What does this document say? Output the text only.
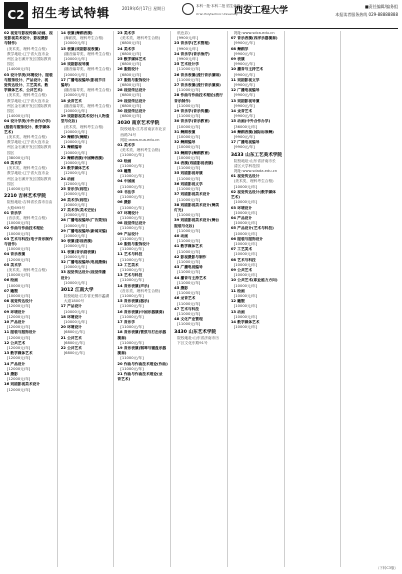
C2 招生考试特辑	2019年6月17日 星期日	本科一批·本科二批 招生代码：3010
西安工程大学
Xi'an Polytechnic University
■责任编辑/编务组
本报读者服务热线 029-88888888
02 视觉与影视传媒(动画、视
觉影视美术设计、影视摄影
与制作)
(美术类，理科考生合格)
教学地址:辽宁省大连市金
州区金石滩开发区国际教育
园区
[14000元/年]
03 设计学类(环境设计、服装
与服饰设计、产品设计、视
觉传达设计、工艺美术、数
字媒体艺术、公共艺术)
(美术类，理科考生合格)
教学地址:辽宁省大连市金
州区金石滩开发区国际教育
园区
[14000元/年]
04 设计学类(中外合作办学)
(服装与服饰设计、数字媒体
艺术)
(美术类，理科考生合格)
教学地址:辽宁省大连市金
州区金石滩开发区国际教育
园区
[38000元/年]
05 美术学
(美术类，理科考生合格)
教学地址:辽宁省大连市金
州区金石滩开发区国际教育
园区
[14000元/年]
2210 吉林艺术学院
院校地址:吉林省长春市自由
大路695号
01 音乐学
(音乐类，理科考生合格)
[10000元/年]
02 作曲与作曲技术理论
[10000元/年]
03 艺术与科技(电子音乐制作
与创作)
[10000元/年]
04 音乐表演
[12000元/年]
05 美术学
(美术类，理科考生合格)
[10000元/年]
06 绘画
[10000元/年]
07 雕塑
[10000元/年]
08 视觉传达设计
[12000元/年]
09 环境设计
[12000元/年]
10 产品设计
[12000元/年]
11 服装与服饰设计
[12000元/年]
12 公共艺术
[12000元/年]
13 数字媒体艺术
[12000元/年]
14 产品设计
[12000元/年]
15 摄影
[12000元/年]
16 戏剧影视美术设计
[12000元/年]
14 表演(舞蹈表演)
(舞蹈类，理科考生合格)
[10000元/年]
15 表演(戏剧影视表演)
(播音编导类，理科考生合格)
[10000元/年]
16 戏剧影视导演
(播音编导类，理科考生合格)
[10000元/年]
17 广播电视编导(影视节目
编导)
(播音编导类，理科考生合格)
[10000元/年]
18 录音艺术
(播音编导类，理科考生合格)
[10000元/年]
19 戏剧影视美术设计(人物造
型与化妆)
(美术类，理科考生合格)
[10000元/年]
20 舞蹈学(舞蹈)
[10000元/年]
21 舞蹈编导
[10000元/年]
22 舞蹈表演(中国舞表演)
[10000元/年]
23 数字媒体艺术
[12000元/年]
24 动画
[12000元/年]
25 音乐学(师范)
[10000元/年]
26 美术学(师范)
[10000元/年]
27 美术学(美术史论)
[10000元/年]
28 广播电视编导(广告策划)
[10000元/年]
29 广播电视编导(新闻采编)
[10000元/年]
30 表演(影视表演)
[10000元/年]
31 表演(音乐剧表演)
[10000元/年]
32 广播电视编导(电视摄像)
[10000元/年]
33 视觉传达设计(视觉传播
设计)
[10000元/年]
3012 江南大学
院校地址:江苏省无锡市蠡湖
大道1800号
17 产品设计
[10000元/年]
18 环境设计
[10000元/年]
20 环境设计
[6800元/年]
21 公共艺术
[6800元/年]
22 公共艺术
[6800元/年]
23 美术学
(美术类，理科考生合格)
[6800元/年]
24 美术学
[6800元/年]
25 数字媒体艺术
[6800元/年]
26 服装设计
[6800元/年]
27 服装与服饰设计
[6800元/年]
28 视觉传达设计
[6800元/年]
29 视觉传达设计
[6800元/年]
30 视觉传达设计
[6800元/年]
3030 南京艺术学院
院校地址:江苏省南京市北京
西路74号
网址:www.nua.edu.cn
01 美术学
(美术类，理科考生合格)
[11000元/年]
02 绘画
[11000元/年]
03 雕塑
[11000元/年]
04 中国画
[11000元/年]
05 书法学
[11000元/年]
06 摄影
[11000元/年]
07 环境设计
[11000元/年]
08 视觉传达设计
[11000元/年]
09 产品设计
[11000元/年]
10 服装与服饰设计
[11000元/年]
11 艺术与科技
[11000元/年]
12 工艺美术
[11000元/年]
13 艺术与科技
[11000元/年]
14 音乐表演(声乐)
(音乐类，理科考生合格)
[11000元/年]
15 音乐表演(器乐)
[11000元/年]
16 音乐表演(中国乐器演奏)
[11000元/年]
17 音乐学
[11000元/年]
18 音乐表演(管弦与打击乐器
演奏)
[11000元/年]
19 音乐表演(钢琴与键盘乐器
演奏)
[11000元/年]
20 作曲与作曲技术理论(作曲)
[11000元/年]
21 作曲与作曲技术理论(录
音艺术)
机色彩)
[9900元/年]
23 音乐学(艺术管理)
[9900元/年]
24 音乐学(音乐治疗)
[9900元/年]
25 艺术设计学
[11000元/年]
26 音乐表演(流行音乐演唱)
[11000元/年]
27 音乐表演(流行音乐演奏)
[11000元/年]
28 作曲与作曲技术理论(流行
音乐制作)
[11000元/年]
29 音乐学(音乐传播)
[11000元/年]
30 音乐学(音乐教育)
[10000元/年]
31 舞蹈表演
[10000元/年]
32 舞蹈编导
[10000元/年]
33 舞蹈学(舞蹈教育)
[10000元/年]
34 表演(戏剧影视表演)
[11000元/年]
35 戏剧影视导演
[11000元/年]
36 戏剧影视文学
[11000元/年]
37 戏剧影视美术设计
[11000元/年]
38 戏剧影视美术设计(舞美
灯光)
[11000元/年]
39 戏剧影视美术设计(舞台
服装与化妆)
[11000元/年]
40 动画
[11000元/年]
41 数字媒体艺术
[11000元/年]
42 影视摄影与制作
[11000元/年]
43 广播电视编导
[11000元/年]
44 播音与主持艺术
[11000元/年]
45 摄影
[11000元/年]
46 录音艺术
[11000元/年]
47 艺术与科技
[11000元/年]
48 文化产业管理
[11000元/年]
3430 山东艺术学院
院校地址:山东省济南市历
下区文化东路91号
网址:www.sdca.edu.cn
07 音乐表演(西洋乐器演奏)
[9900元/年]
08 舞蹈学
[9900元/年]
09 表演
[9900元/年]
10 播音与主持艺术
[9900元/年]
11 戏剧影视文学
[9900元/年]
12 广播电视编导
[9900元/年]
13 戏剧影视导演
[9900元/年]
14 录音艺术
[9900元/年]
15 动画(中外合作办学)
[36000元/年]
16 舞蹈表演(国际标准舞)
[9900元/年]
17 广播电视编导
[9900元/年]
3433 山东工艺美术学院
院校地址:山东省济南市长
清区大学科技园
网址:www.sdada.edu.cn
01 视觉传达设计
(美术类，理科考生合格)
[10000元/年]
02 视觉传达设计(数字媒体
艺术)
[10000元/年]
03 环境设计
[10000元/年]
04 产品设计
[10000元/年]
05 产品设计(艺术与科技)
[10000元/年]
06 服装与服饰设计
[10000元/年]
07 工艺美术
[10000元/年]
08 艺术与科技
[10000元/年]
09 公共艺术
[10000元/年]
10 公共艺术(职业能力方向)
[10000元/年]
11 绘画
[10000元/年]
12 雕塑
[10000元/年]
13 动画
[10000元/年]
14 数字媒体艺术
[10000元/年]
（下转C3版）
